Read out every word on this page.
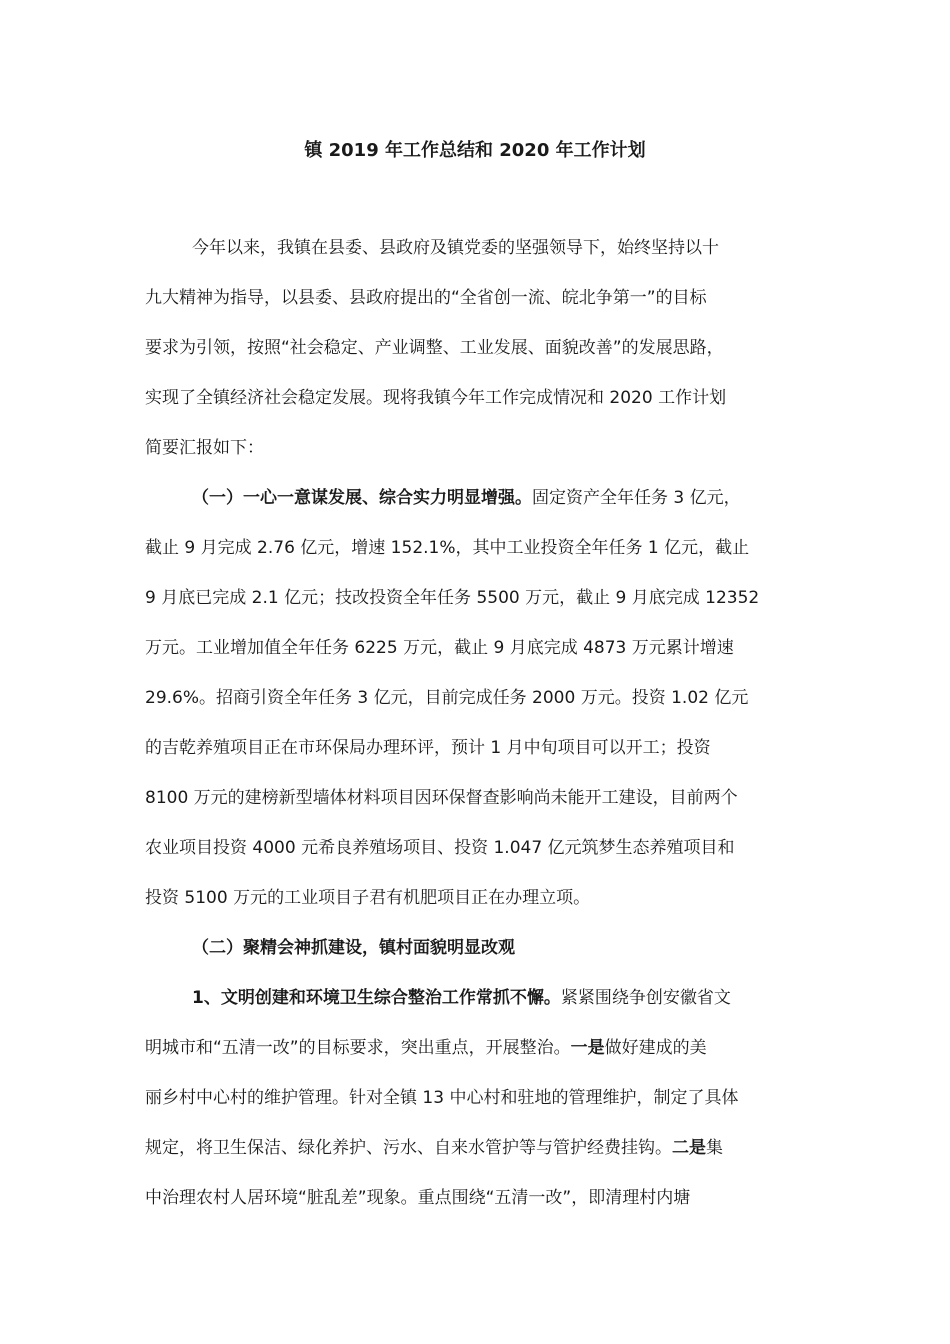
镇 2019 年工作总结和 2020 年工作计划
今年以来，我镇在县委、县政府及镇党委的坚强领导下，始终坚持以十
九大精神为指导，以县委、县政府提出的“全省创一流、皖北争第一”的目标
要求为引领，按照“社会稳定、产业调整、工业发展、面貌改善”的发展思路，
实现了全镇经济社会稳定发展。现将我镇今年工作完成情况和 2020 工作计划
简要汇报如下：
（一）一心一意谋发展、综合实力明显增强。固定资产全年任务 3 亿元，
截止 9 月完成 2.76 亿元，增速 152.1%，其中工业投资全年任务 1 亿元，截止
9 月底已完成 2.1 亿元；技改投资全年任务 5500 万元，截止 9 月底完成 12352
万元。工业增加值全年任务 6225 万元，截止 9 月底完成 4873 万元累计增速
29.6%。招商引资全年任务 3 亿元，目前完成任务 2000 万元。投资 1.02 亿元
的吉乾养殖项目正在市环保局办理环评，预计 1 月中旬项目可以开工；投资
8100 万元的建榜新型墙体材料项目因环保督查影响尚未能开工建设，目前两个
农业项目投资 4000 元希良养殖场项目、投资 1.047 亿元筑梦生态养殖项目和
投资 5100 万元的工业项目子君有机肥项目正在办理立项。
（二）聚精会神抓建设，镇村面貌明显改观
1、文明创建和环境卫生综合整治工作常抓不懈。紧紧围绕争创安徽省文
明城市和“五清一改”的目标要求，突出重点，开展整治。一是做好建成的美
丽乡村中心村的维护管理。针对全镇 13 中心村和驻地的管理维护，制定了具体
规定，将卫生保洁、绿化养护、污水、自来水管护等与管护经费挂钩。二是集
中治理农村人居环境“脏乱差”现象。重点围绕“五清一改”，即清理村内塘
